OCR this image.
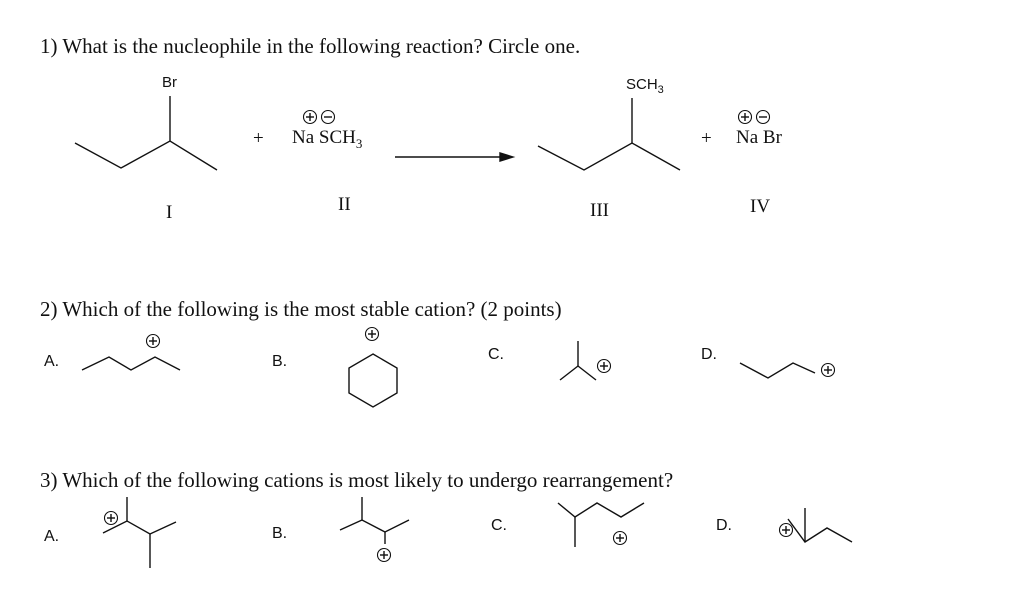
1) What is the nucleophile in the following reaction? Circle one.
Br	$SCH_3$
+ Na $SCH_3$	+ Na Br
I	II	III	IV
2) Which of the following is the most stable cation? (2 points)
A.	B.	C.	D.
3) Which of the following cations is most likely to undergo rearrangement?
A.	B.	C.	D.
